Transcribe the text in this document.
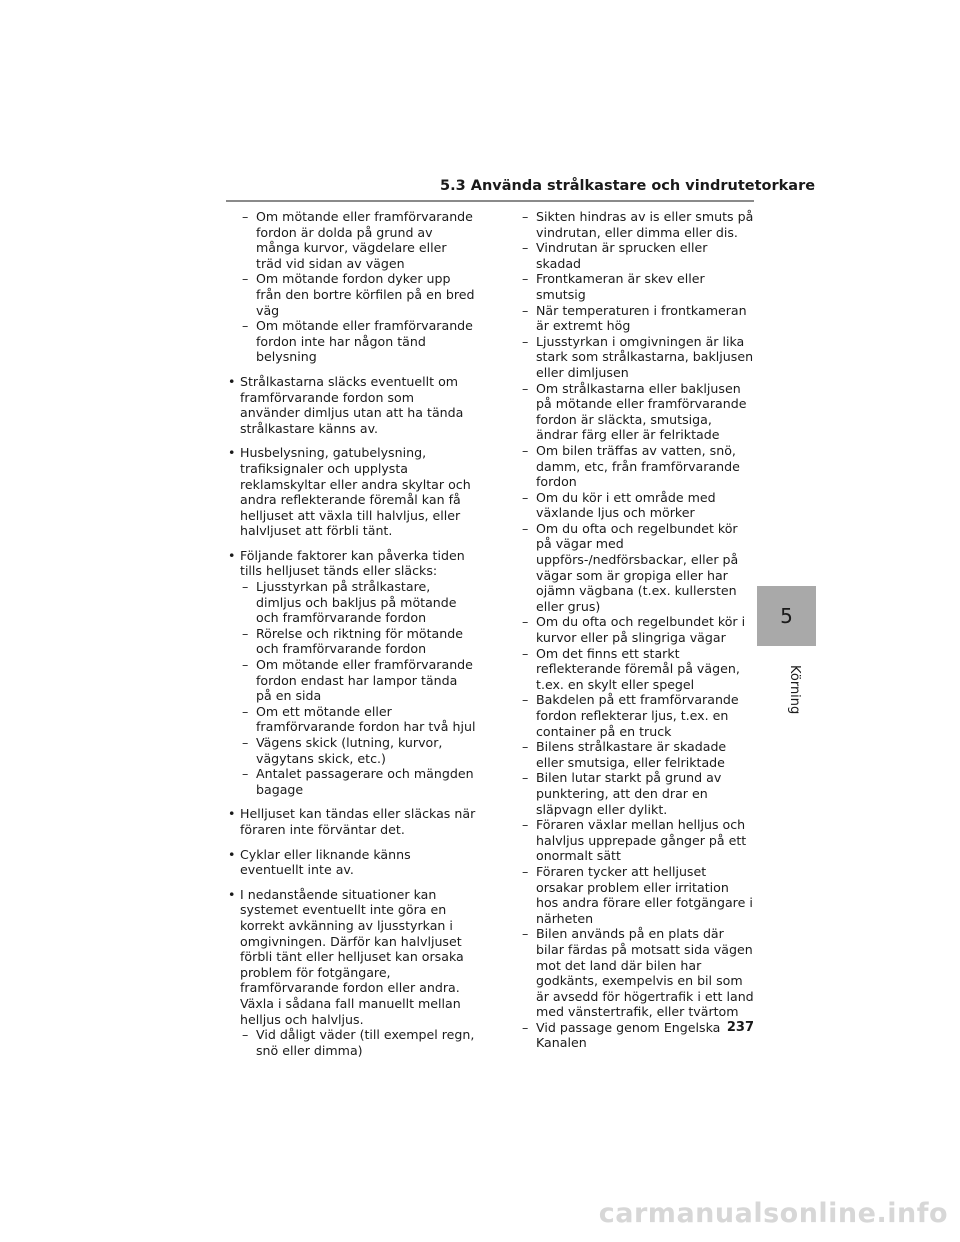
5.3 Använda strålkastare och vindrutetorkare

– Om mötande eller framförvarande fordon är dolda på grund av många kurvor, vägdelare eller träd vid sidan av vägen

– Om mötande fordon dyker upp från den bortre körfilen på en bred väg

– Om mötande eller framförvarande fordon inte har någon tänd belysning

• Strålkastarna släcks eventuellt om framförvarande fordon som använder dimljus utan att ha tända strålkastare känns av.
• Husbelysning, gatubelysning, trafiksignaler och upplysta reklamskyltar eller andra skyltar och andra reflekterande föremål kan få helljuset att växla till halvljus, eller halvljuset att förbli tänt.
• Följande faktorer kan påverka tiden tills helljuset tänds eller släcks:

– Ljusstyrkan på strålkastare, dimljus och bakljus på mötande och framförvarande fordon

– Rörelse och riktning för mötande och framförvarande fordon

– Om mötande eller framförvarande fordon endast har lampor tända på en sida

– Om ett mötande eller framförvarande fordon har två hjul

– Vägens skick (lutning, kurvor, vägytans skick, etc.)

– Antalet passagerare och mängden bagage

• Helljuset kan tändas eller släckas när föraren inte förväntar det.
• Cyklar eller liknande känns eventuellt inte av.
• I nedanstående situationer kan systemet eventuellt inte göra en korrekt avkänning av ljusstyrkan i omgivningen. Därför kan halvljuset förbli tänt eller helljuset kan orsaka problem för fotgängare, framförvarande fordon eller andra. Växla i sådana fall manuellt mellan helljus och halvljus.

– Vid dåligt väder (till exempel regn, snö eller dimma)

– Sikten hindras av is eller smuts på vindrutan, eller dimma eller dis.

– Vindrutan är sprucken eller skadad

– Frontkameran är skev eller smutsig

– När temperaturen i frontkameran är extremt hög

– Ljusstyrkan i omgivningen är lika stark som strålkastarna, bakljusen eller dimljusen

– Om strålkastarna eller bakljusen på mötande eller framförvarande fordon är släckta, smutsiga, ändrar färg eller är felriktade

– Om bilen träffas av vatten, snö, damm, etc, från framförvarande fordon

– Om du kör i ett område med växlande ljus och mörker

– Om du ofta och regelbundet kör på vägar med uppförs-/nedförsbackar, eller på vägar som är gropiga eller har ojämn vägbana (t.ex. kullersten eller grus)

– Om du ofta och regelbundet kör i kurvor eller på slingriga vägar

– Om det finns ett starkt reflekterande föremål på vägen, t.ex. en skylt eller spegel

– Bakdelen på ett framförvarande fordon reflekterar ljus, t.ex. en container på en truck

– Bilens strålkastare är skadade eller smutsiga, eller felriktade

– Bilen lutar starkt på grund av punktering, att den drar en släpvagn eller dylikt.

– Föraren växlar mellan helljus och halvljus upprepade gånger på ett onormalt sätt

– Föraren tycker att helljuset orsakar problem eller irritation hos andra förare eller fotgängare i närheten

– Bilen används på en plats där bilar färdas på motsatt sida vägen mot det land där bilen har godkänts, exempelvis en bil som är avsedd för högertrafik i ett land med vänstertrafik, eller tvärtom

– Vid passage genom Engelska Kanalen

5
Körning
237
carmanualsonline.info
